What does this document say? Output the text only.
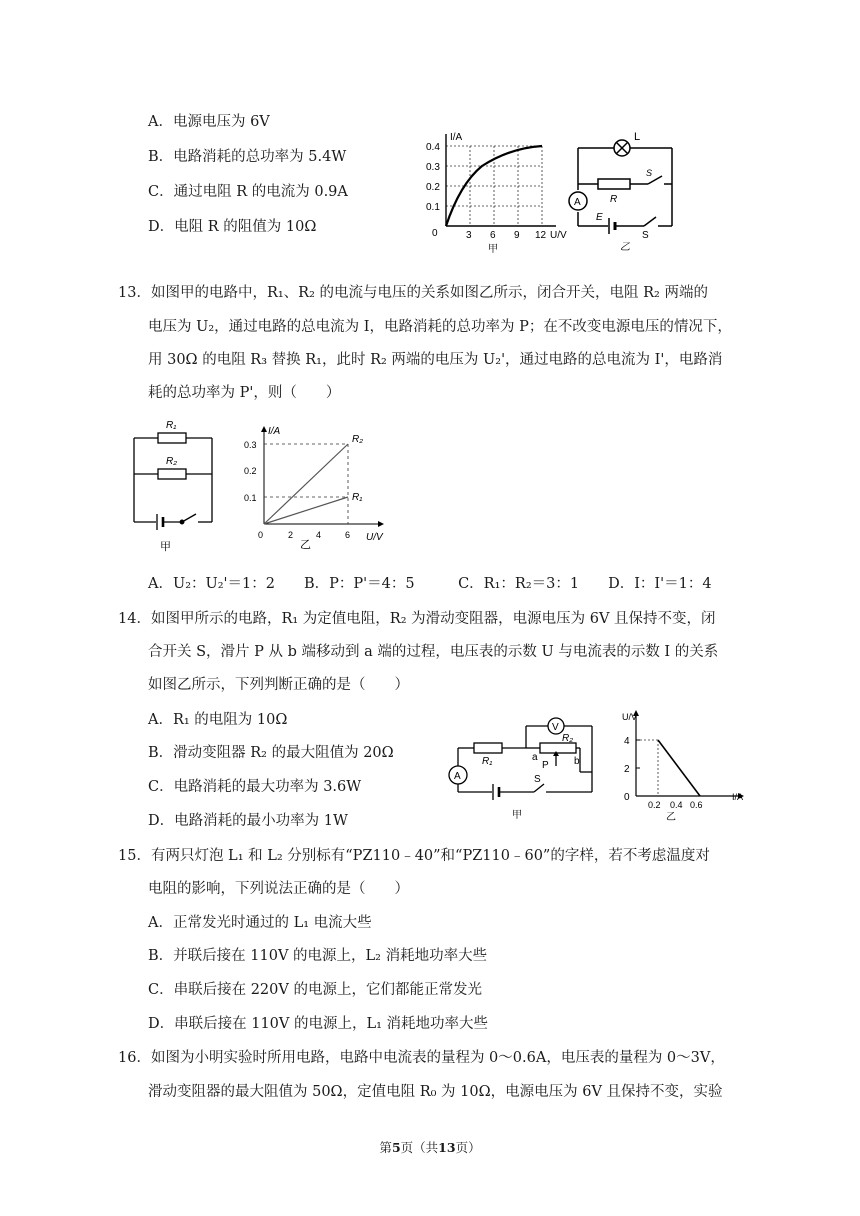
A．电源电压为 6V
B．电路消耗的总功率为 5.4W
C．通过电阻 R 的电流为 0.9A
D．电阻 R 的阻值为 10Ω
I/A
0.4
0.3
0.2
0.1
0	3 6 9 12 U/V
甲
A
L
S
R
E
S
乙
13．如图甲的电路中，R₁、R₂ 的电流与电压的关系如图乙所示，闭合开关，电阻 R₂ 两端的
电压为 U₂，通过电路的总电流为 I，电路消耗的总功率为 P；在不改变电源电压的情况下，
用 30Ω 的电阻 R₃ 替换 R₁，此时 R₂ 两端的电压为 U₂'，通过电路的总电流为 I'，电路消
耗的总功率为 P'，则（　　）
R₁
R₂
甲
I/A
0.3
0.2
0.1
0	2	4	6
乙
U/V
R₂
R₁
A．U₂：U₂'＝1：2　　B．P：P'＝4：5　　　C．R₁：R₂＝3：1　　D．I：I'＝1：4
14．如图甲所示的电路，R₁ 为定值电阻，R₂ 为滑动变阻器，电源电压为 6V 且保持不变，闭
合开关 S，滑片 P 从 b 端移动到 a 端的过程，电压表的示数 U 与电流表的示数 I 的关系
如图乙所示，下列判断正确的是（　　）
A．R₁ 的电阻为 10Ω
B．滑动变阻器 R₂ 的最大阻值为 20Ω
C．电路消耗的最大功率为 3.6W
D．电路消耗的最小功率为 1W
A
V
R₁
R₂
a	b
P
S
甲
U/V
4
2
0
0.2 0.4 0.6
I/A
乙
15．有两只灯泡 L₁ 和 L₂ 分别标有“PZ110﹣40”和“PZ110﹣60”的字样，若不考虑温度对
电阻的影响，下列说法正确的是（　　）
A．正常发光时通过的 L₁ 电流大些
B．并联后接在 110V 的电源上，L₂ 消耗地功率大些
C．串联后接在 220V 的电源上，它们都能正常发光
D．串联后接在 110V 的电源上，L₁ 消耗地功率大些
16．如图为小明实验时所用电路，电路中电流表的量程为 0～0.6A，电压表的量程为 0～3V，
滑动变阻器的最大阻值为 50Ω，定值电阻 R₀ 为 10Ω，电源电压为 6V 且保持不变，实验
第5页（共13页）
